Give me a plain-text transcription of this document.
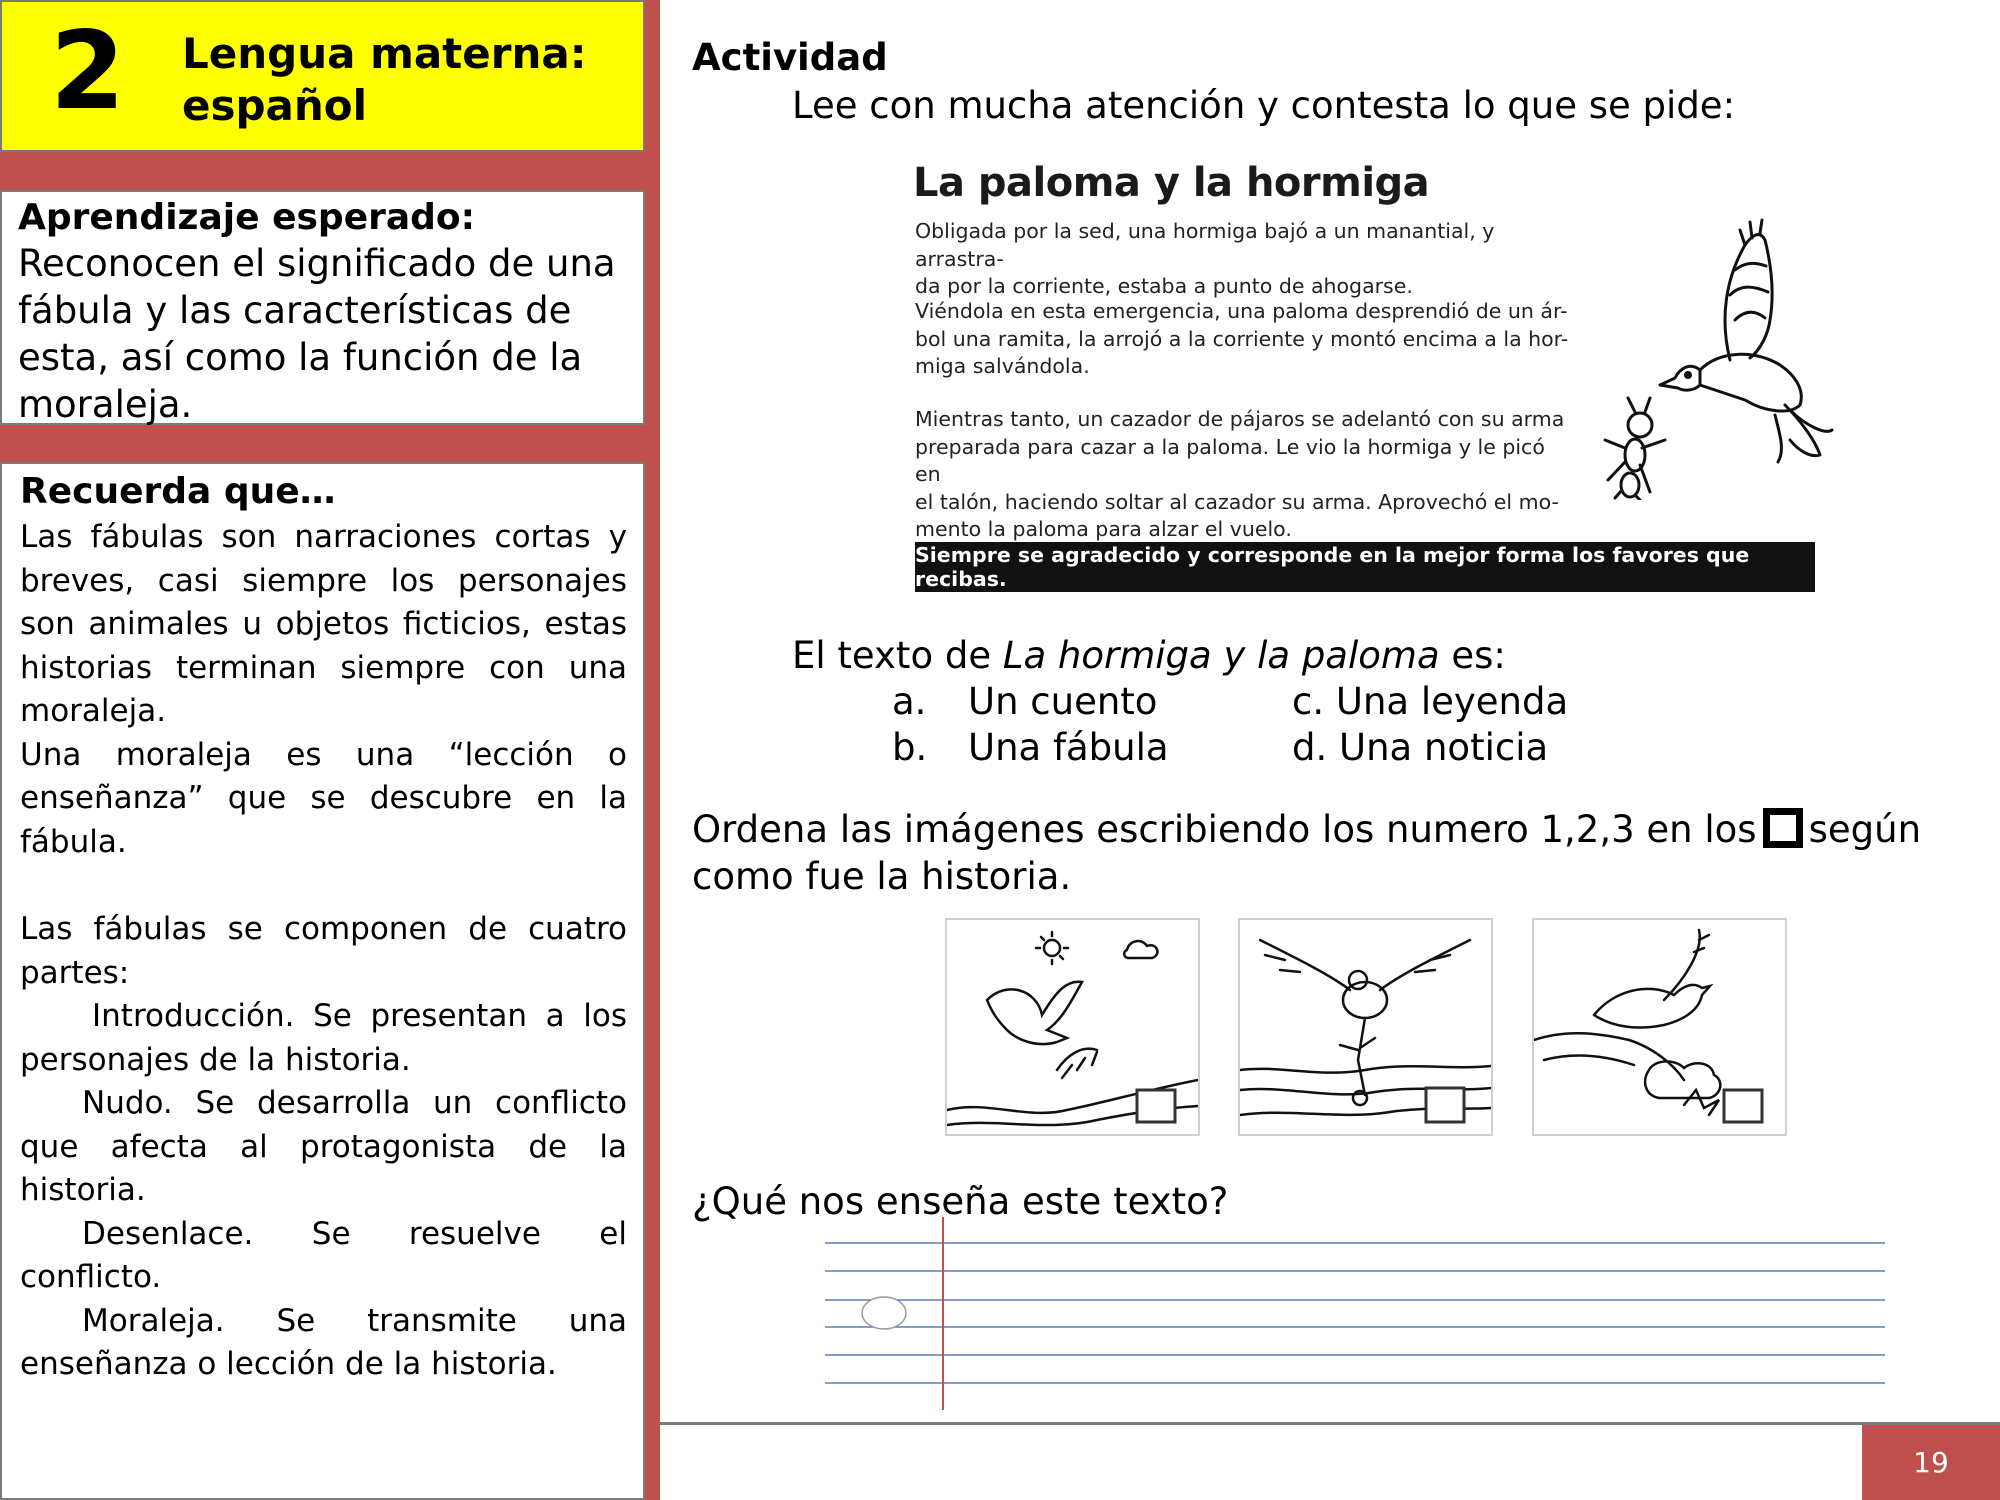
2 Lengua materna:
español
Aprendizaje esperado:
Reconocen el significado de una fábula y las características de esta, así como la función de la moraleja.
Recuerda que…

Las fábulas son narraciones cortas y breves, casi siempre los personajes son animales u objetos ficticios, estas historias terminan siempre con una moraleja.

Una moraleja es una “lección o enseñanza” que se descubre en la fábula.

Las fábulas se componen de cuatro partes:

Introducción. Se presentan a los personajes de la historia.

Nudo. Se desarrolla un conflicto que afecta al protagonista de la historia.

Desenlace. Se resuelve el conflicto.

Moraleja. Se transmite una enseñanza o lección de la historia.

Actividad
Lee con mucha atención y contesta lo que se pide:
La paloma y la hormiga
Obligada por la sed, una hormiga bajó a un manantial, y arrastra-
da por la corriente, estaba a punto de ahogarse.
Viéndola en esta emergencia, una paloma desprendió de un ár-
bol una ramita, la arrojó a la corriente y montó encima a la hor-
miga salvándola.
Mientras tanto, un cazador de pájaros se adelantó con su arma
preparada para cazar a la paloma. Le vio la hormiga y le picó en
el talón, haciendo soltar al cazador su arma. Aprovechó el mo-
mento la paloma para alzar el vuelo.
Siempre se agradecido y corresponde en la mejor forma los favores que recibas.
El texto de La hormiga y la paloma es:
a. Un cuento
b. Una fábula
c. Una leyenda
d. Una noticia
Ordena las imágenes escribiendo los numero 1,2,3 en los según como fue la historia.
¿Qué nos enseña este texto?
19
